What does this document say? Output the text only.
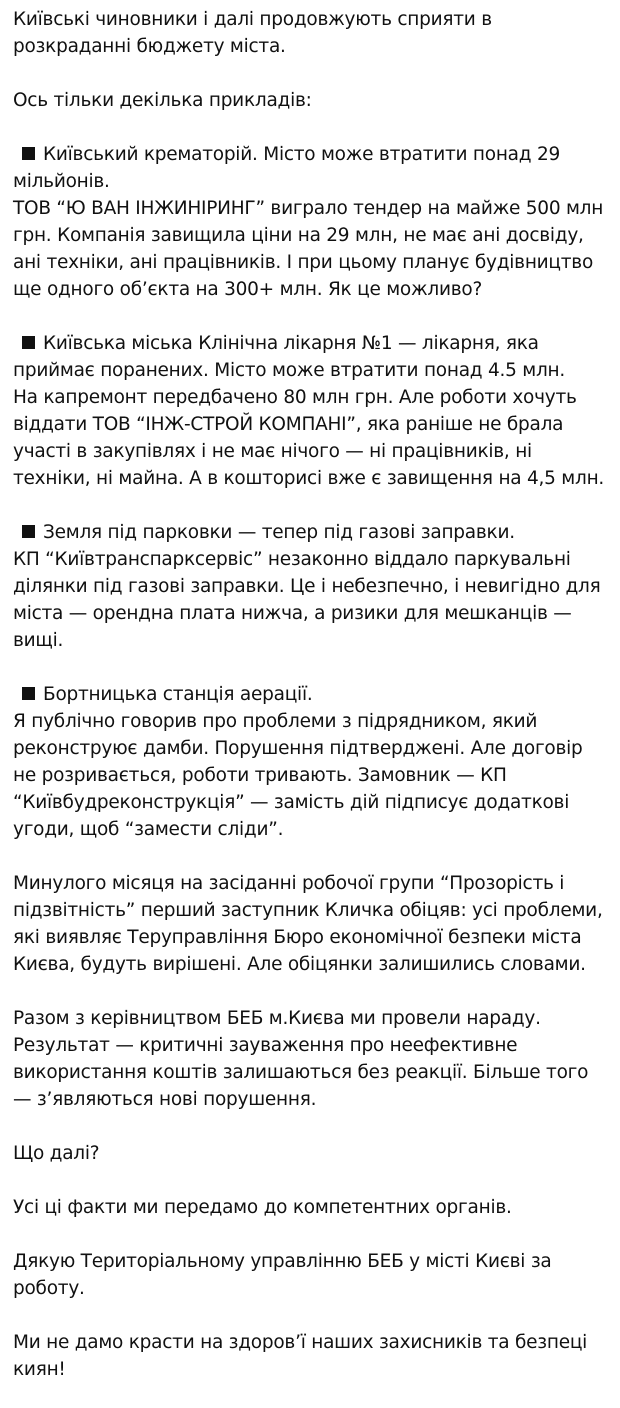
Київські чиновники і далі продовжують сприяти в
розкраданні бюджету міста.
Ось тільки декілька прикладів:
Київський крематорій. Місто може втратити понад 29
мільйонів.
ТОВ “Ю ВАН ІНЖИНІРИНГ” виграло тендер на майже 500 млн
грн. Компанія завищила ціни на 29 млн, не має ані досвіду,
ані техніки, ані працівників. І при цьому планує будівництво
ще одного об’єкта на 300+ млн. Як це можливо?
Київська міська Клінічна лікарня №1 — лікарня, яка
приймає поранених. Місто може втратити понад 4.5 млн.
На капремонт передбачено 80 млн грн. Але роботи хочуть
віддати ТОВ “ІНЖ-СТРОЙ КОМПАНІ”, яка раніше не брала
участі в закупівлях і не має нічого — ні працівників, ні
техніки, ні майна. А в кошторисі вже є завищення на 4,5 млн.
Земля під парковки — тепер під газові заправки.
КП “Київтранспарксервіс” незаконно віддало паркувальні
ділянки під газові заправки. Це і небезпечно, і невигідно для
міста — орендна плата нижча, а ризики для мешканців —
вищі.
Бортницька станція аерації.
Я публічно говорив про проблеми з підрядником, який
реконструює дамби. Порушення підтверджені. Але договір
не розривається, роботи тривають. Замовник — КП
“Київбудреконструкція” — замість дій підписує додаткові
угоди, щоб “замести сліди”.
Минулого місяця на засіданні робочої групи “Прозорість і
підзвітність” перший заступник Кличка обіцяв: усі проблеми,
які виявляє Теруправління Бюро економічної безпеки міста
Києва, будуть вирішені. Але обіцянки залишились словами.
Разом з керівництвом БЕБ м.Києва ми провели нараду.
Результат — критичні зауваження про неефективне
використання коштів залишаються без реакції. Більше того
— з’являються нові порушення.
Що далі?
Усі ці факти ми передамо до компетентних органів.
Дякую Територіальному управлінню БЕБ у місті Києві за
роботу.
Ми не дамо красти на здоров’ї наших захисників та безпеці
киян!
